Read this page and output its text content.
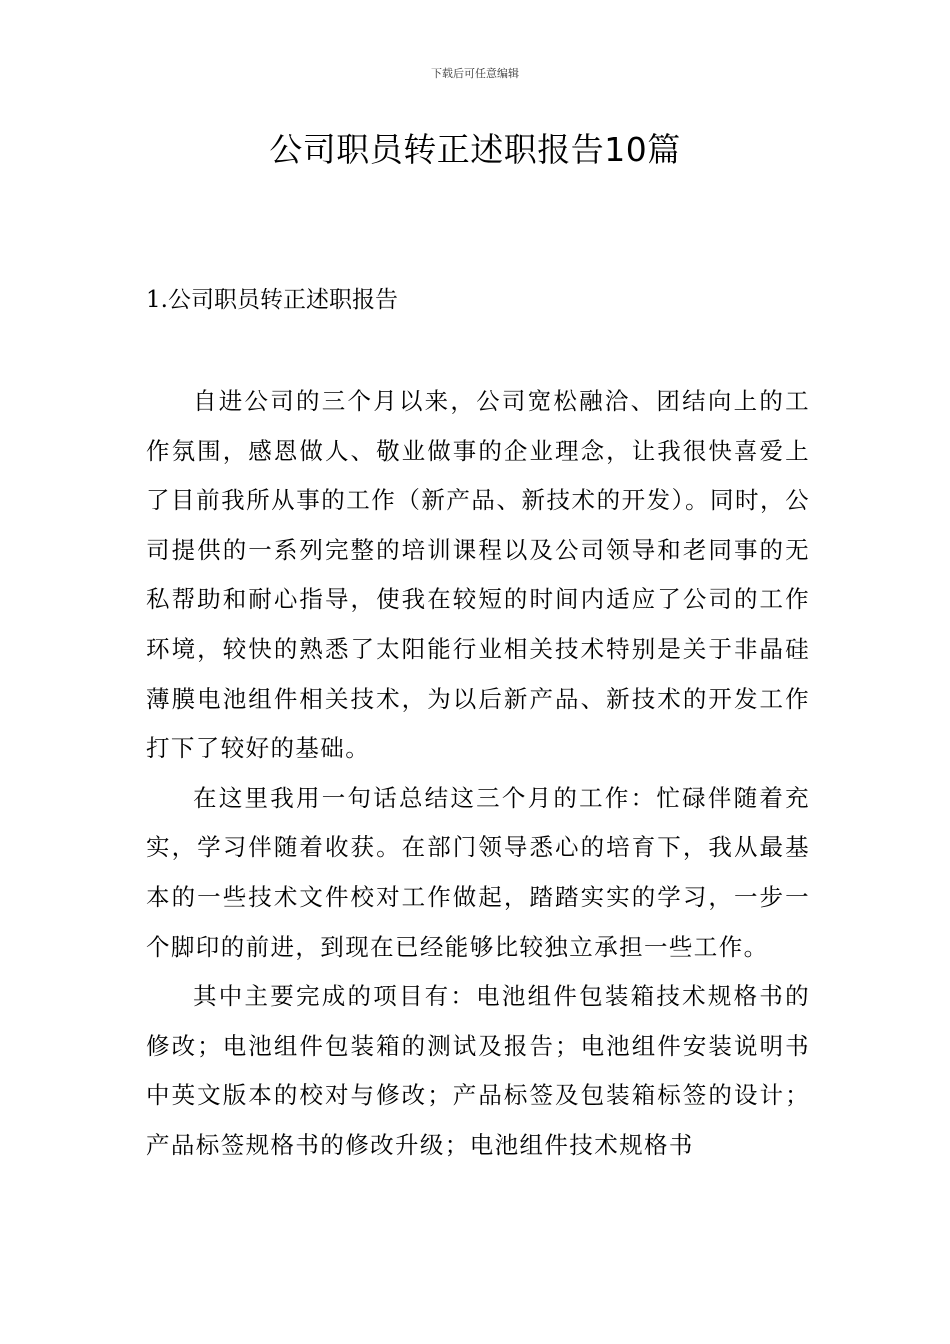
下载后可任意编辑
公司职员转正述职报告10篇
1.公司职员转正述职报告

自进公司的三个月以来，公司宽松融洽、团结向上的工作氛围，感恩做人、敬业做事的企业理念，让我很快喜爱上了目前我所从事的工作（新产品、新技术的开发）。同时，公司提供的一系列完整的培训课程以及公司领导和老同事的无私帮助和耐心指导，使我在较短的时间内适应了公司的工作环境，较快的熟悉了太阳能行业相关技术特别是关于非晶硅薄膜电池组件相关技术，为以后新产品、新技术的开发工作打下了较好的基础。

在这里我用一句话总结这三个月的工作：忙碌伴随着充实，学习伴随着收获。在部门领导悉心的培育下，我从最基本的一些技术文件校对工作做起，踏踏实实的学习，一步一个脚印的前进，到现在已经能够比较独立承担一些工作。

其中主要完成的项目有：电池组件包装箱技术规格书的修改；电池组件包装箱的测试及报告；电池组件安装说明书中英文版本的校对与修改；产品标签及包装箱标签的设计；产品标签规格书的修改升级；电池组件技术规格书
